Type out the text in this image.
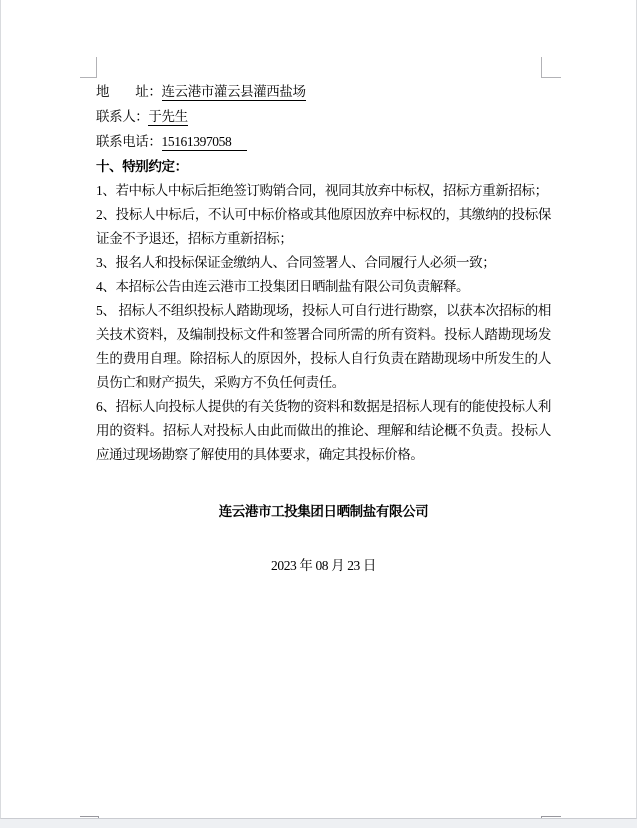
地　　址：连云港市灌云县灌西盐场

联系人：于先生

联系电话：15161397058　

十、特别约定：

1、若中标人中标后拒绝签订购销合同，视同其放弃中标权，招标方重新招标；

2、投标人中标后，不认可中标价格或其他原因放弃中标权的，其缴纳的投标保证金不予退还，招标方重新招标；

3、报名人和投标保证金缴纳人、合同签署人、合同履行人必须一致；

4、本招标公告由连云港市工投集团日晒制盐有限公司负责解释。

5、 招标人不组织投标人踏勘现场，投标人可自行进行勘察，以获本次招标的相关技术资料，及编制投标文件和签署合同所需的所有资料。投标人踏勘现场发生的费用自理。除招标人的原因外，投标人自行负责在踏勘现场中所发生的人员伤亡和财产损失，采购方不负任何责任。

6、招标人向投标人提供的有关货物的资料和数据是招标人现有的能使投标人利用的资料。招标人对投标人由此而做出的推论、理解和结论概不负责。投标人应通过现场勘察了解使用的具体要求，确定其投标价格。

连云港市工投集团日晒制盐有限公司

2023 年 08 月 23 日
